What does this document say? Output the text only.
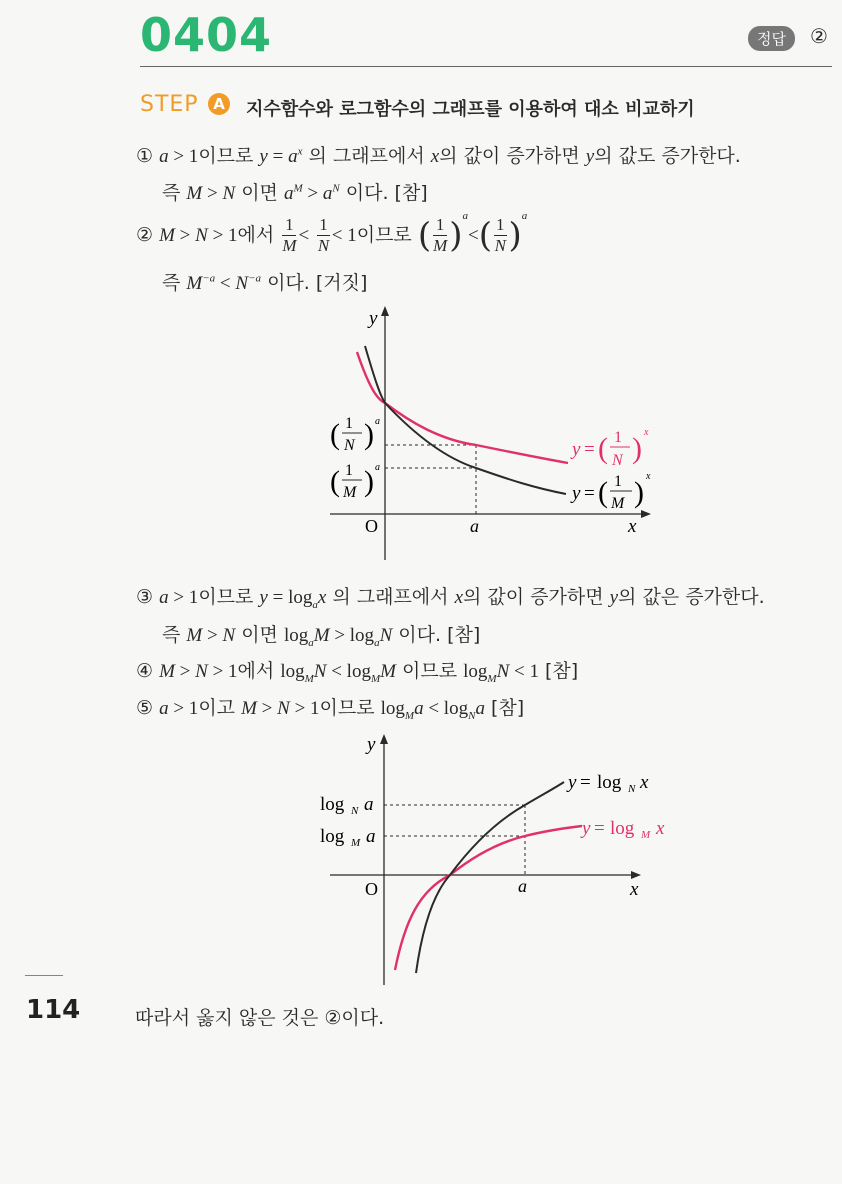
0404	정답	②
STEP A 지수함수와 로그함수의 그래프를 이용하여 대소 비교하기
① a > 1이므로 $y = a^x$ 의 그래프에서 x의 값이 증가하면 y의 값도 증가한다.
즉 M > N 이면 $a^M > a^N$ 이다. [참]
② M > N > 1에서 $\frac{1}{M} < \frac{1}{N} < 1$이므로 ( $\frac{1}{M} )^a<( \frac{1}{N} )^a$
즉 $M^{-a} < N^{-a}$ 이다. [거짓]
y
x
O	a
( 1
N ) a
( 1
M ) a
y = ( 1
N ) x
y = ( 1
M ) x
③ a > 1이므로 $y = \log_ax$ 의 그래프에서 x의 값이 증가하면 y의 값은 증가한다.
즉 M > N 이면 $\log_aM > \log_aN$ 이다. [참]
④ M > N > 1에서 $\log_MN < \log_MM$ 이므로 $\log_MN < 1$ [참]
⑤ a > 1이고 M > N > 1이므로 $\log_Ma < \log_Na$ [참]
y
x
O	a
log N a
log M a
y = log N x
y = log M x
114	따라서 옳지 않은 것은 ②이다.
